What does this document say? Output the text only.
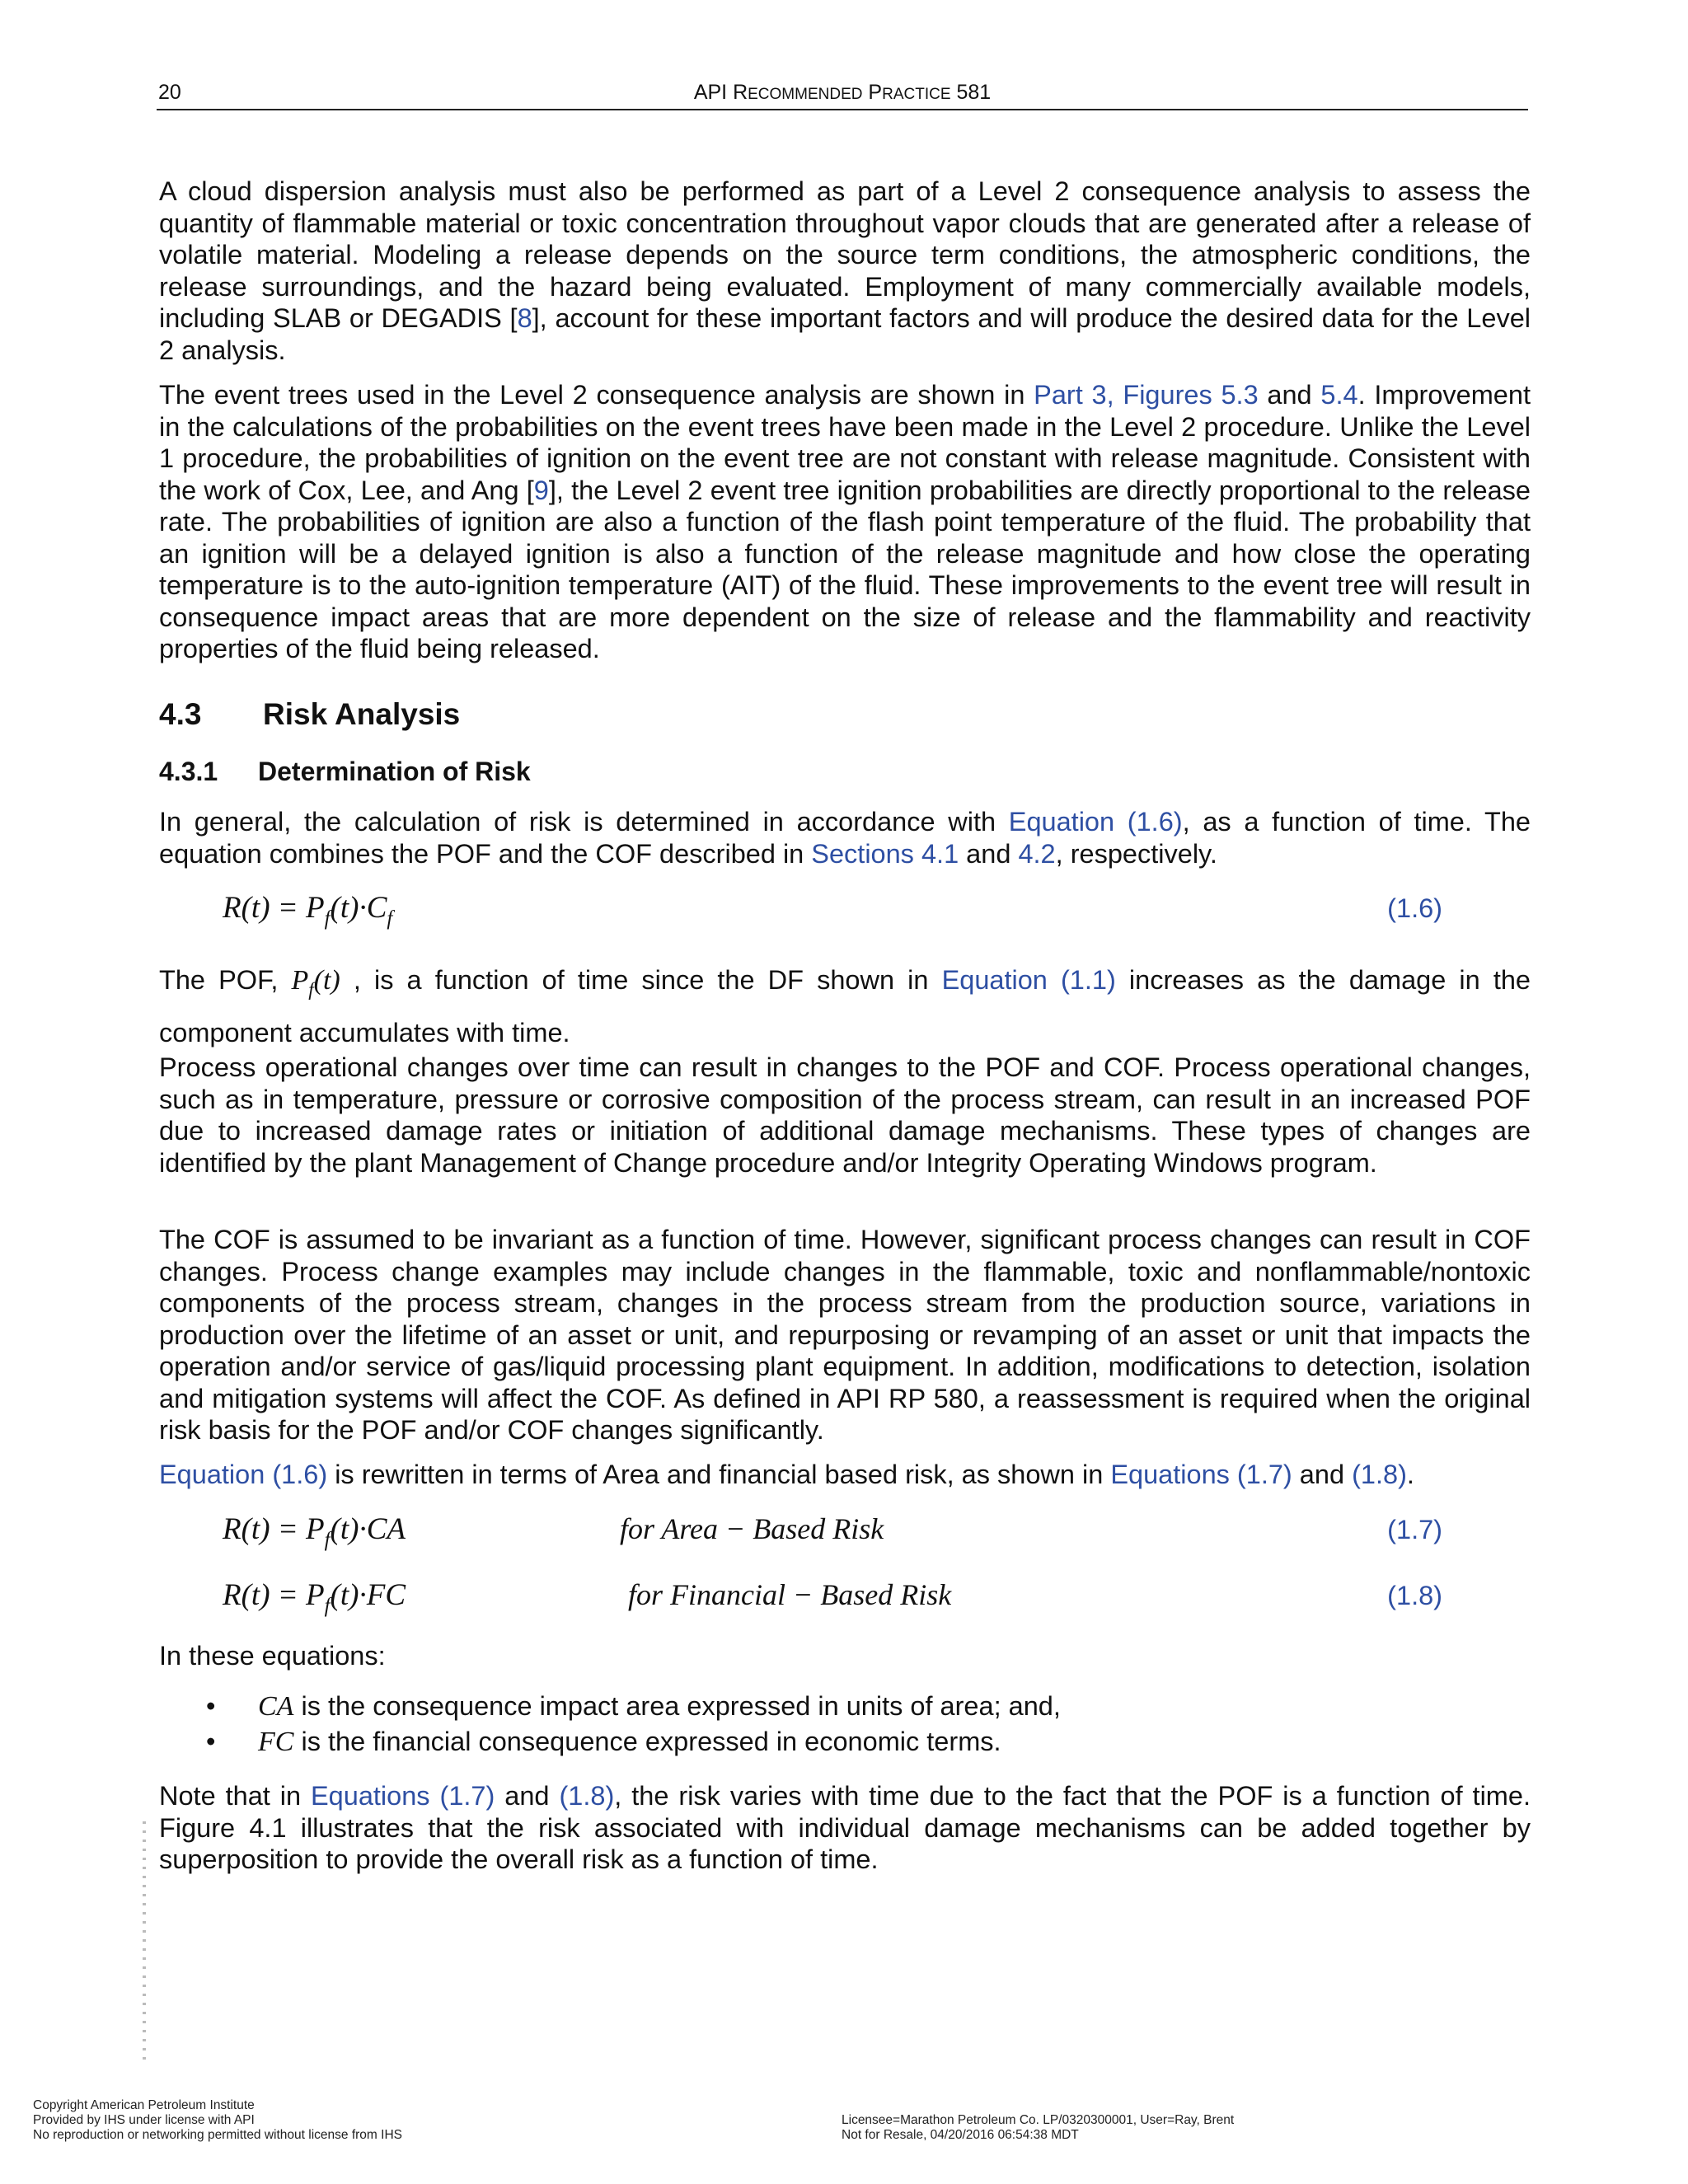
20	API RECOMMENDED PRACTICE 581

A cloud dispersion analysis must also be performed as part of a Level 2 consequence analysis to assess the quantity of flammable material or toxic concentration throughout vapor clouds that are generated after a release of volatile material. Modeling a release depends on the source term conditions, the atmospheric conditions, the release surroundings, and the hazard being evaluated. Employment of many commercially available models, including SLAB or DEGADIS [8], account for these important factors and will produce the desired data for the Level 2 analysis.

The event trees used in the Level 2 consequence analysis are shown in Part 3, Figures 5.3 and 5.4. Improvement in the calculations of the probabilities on the event trees have been made in the Level 2 procedure. Unlike the Level 1 procedure, the probabilities of ignition on the event tree are not constant with release magnitude. Consistent with the work of Cox, Lee, and Ang [9], the Level 2 event tree ignition probabilities are directly proportional to the release rate. The probabilities of ignition are also a function of the flash point temperature of the fluid. The probability that an ignition will be a delayed ignition is also a function of the release magnitude and how close the operating temperature is to the auto-ignition temperature (AIT) of the fluid. These improvements to the event tree will result in consequence impact areas that are more dependent on the size of release and the flammability and reactivity properties of the fluid being released.

4.3 Risk Analysis
4.3.1 Determination of Risk

In general, the calculation of risk is determined in accordance with Equation (1.6), as a function of time. The equation combines the POF and the COF described in Sections 4.1 and 4.2, respectively.

$R(t) = P_f(t)\cdot C_f$	(1.6)

The POF, $P_f(t)$ , is a function of time since the DF shown in Equation (1.1) increases as the damage in the component accumulates with time.

Process operational changes over time can result in changes to the POF and COF. Process operational changes, such as in temperature, pressure or corrosive composition of the process stream, can result in an increased POF due to increased damage rates or initiation of additional damage mechanisms. These types of changes are identified by the plant Management of Change procedure and/or Integrity Operating Windows program.

The COF is assumed to be invariant as a function of time. However, significant process changes can result in COF changes. Process change examples may include changes in the flammable, toxic and nonflammable/nontoxic components of the process stream, changes in the process stream from the production source, variations in production over the lifetime of an asset or unit, and repurposing or revamping of an asset or unit that impacts the operation and/or service of gas/liquid processing plant equipment. In addition, modifications to detection, isolation and mitigation systems will affect the COF. As defined in API RP 580, a reassessment is required when the original risk basis for the POF and/or COF changes significantly.

Equation (1.6) is rewritten in terms of Area and financial based risk, as shown in Equations (1.7) and (1.8).

$R(t) = P_f(t)\cdot CA$	for Area − Based Risk	(1.7)
$R(t) = P_f(t)\cdot FC$	for Financial − Based Risk	(1.8)

In these equations:

• CA is the consequence impact area expressed in units of area; and,
• FC is the financial consequence expressed in economic terms.

Note that in Equations (1.7) and (1.8), the risk varies with time due to the fact that the POF is a function of time. Figure 4.1 illustrates that the risk associated with individual damage mechanisms can be added together by superposition to provide the overall risk as a function of time.

Copyright American Petroleum Institute
Provided by IHS under license with API
No reproduction or networking permitted without license from IHS
Licensee=Marathon Petroleum Co. LP/0320300001, User=Ray, Brent
Not for Resale, 04/20/2016 06:54:38 MDT
